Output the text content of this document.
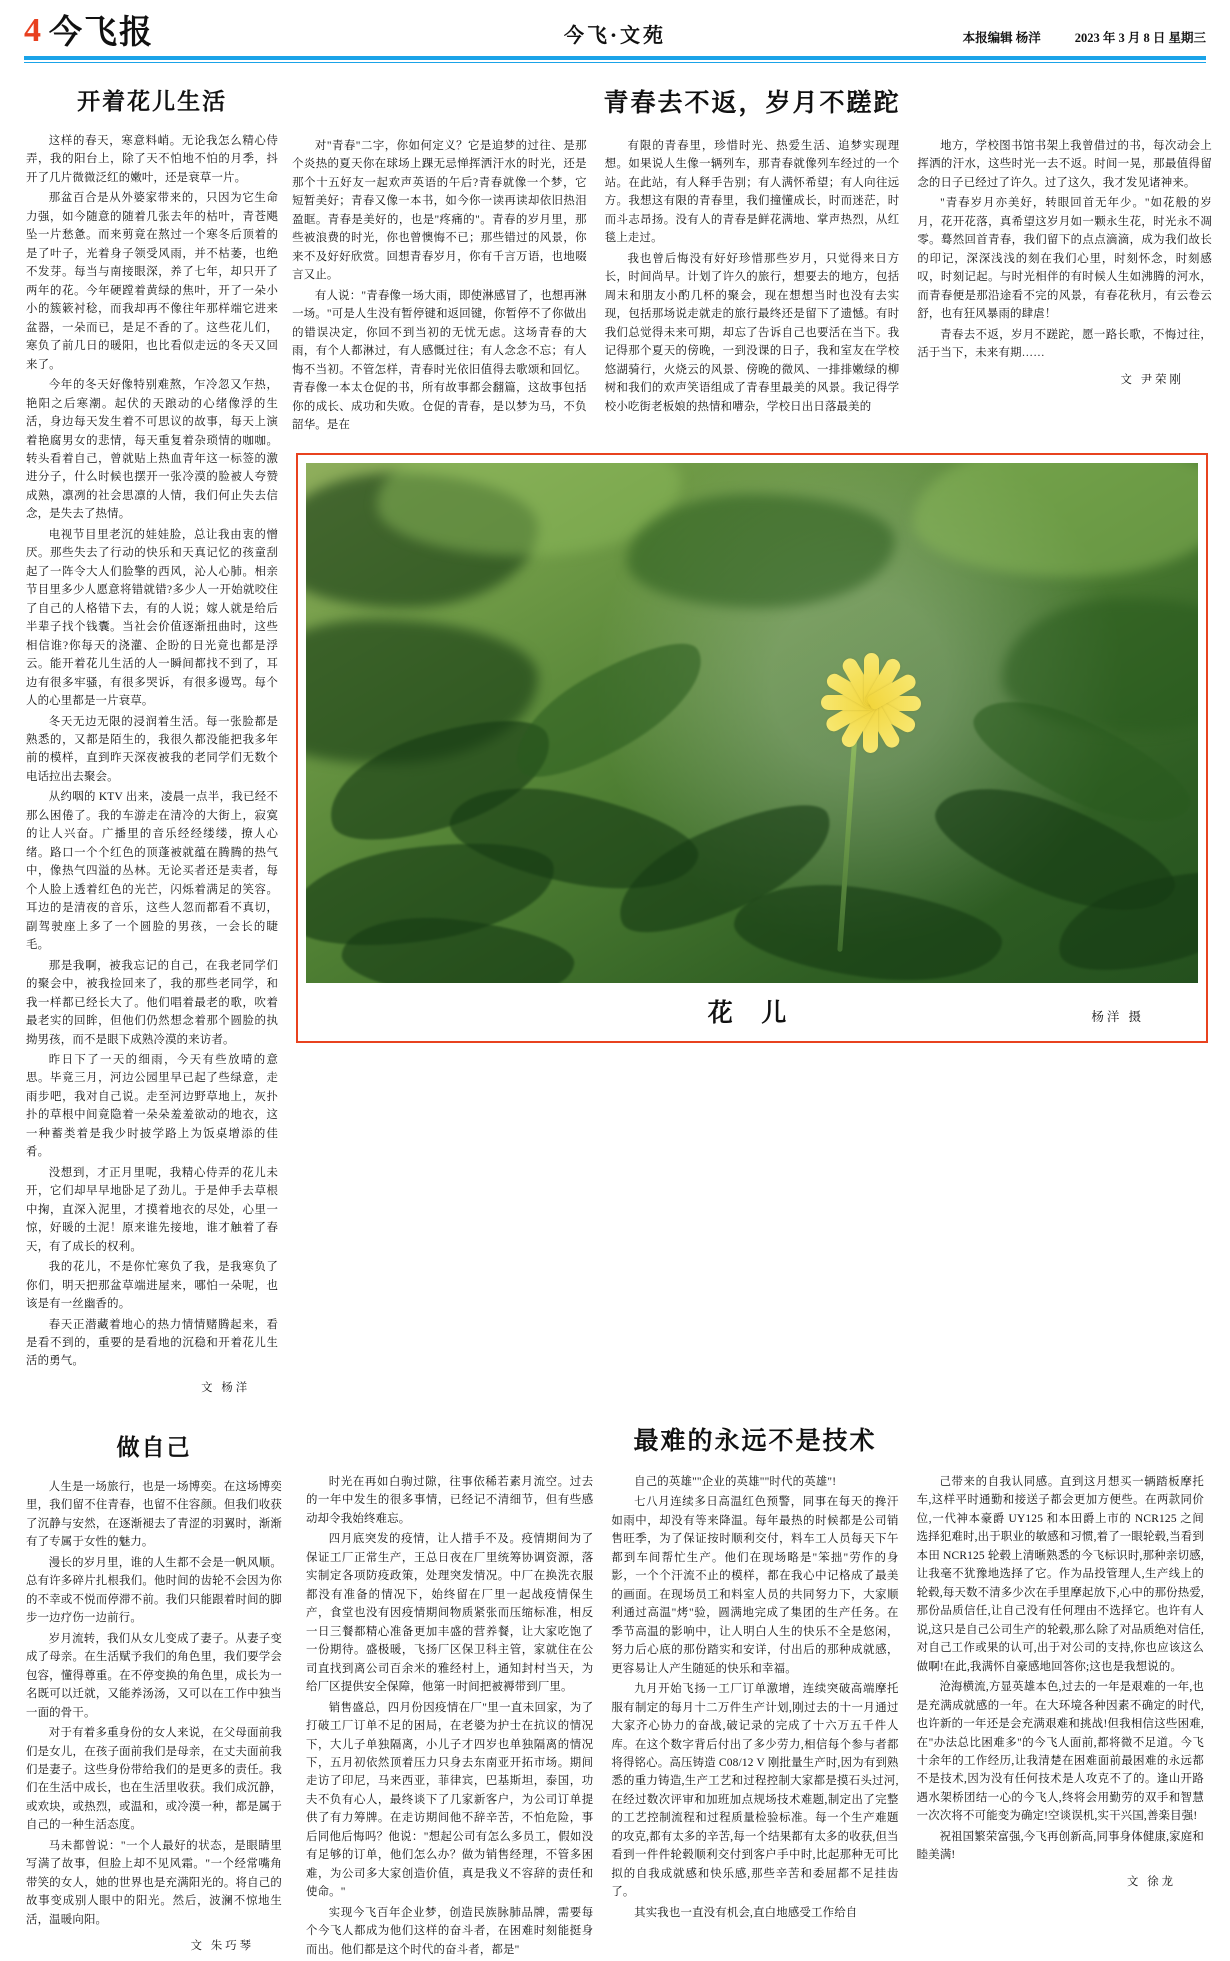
4 今飞报	今飞·文苑	本报编辑 杨洋	2023 年 3 月 8 日 星期三
开着花儿生活

这样的春天，寒意料峭。无论我怎么精心侍弄，我的阳台上，除了天不怕地不怕的月季，抖开了几片微微泛红的嫩叶，还是衰草一片。

那盆百合是从外婆家带来的，只因为它生命力强，如今随意的随着几张去年的枯叶，青苍飓坠一片愁惫。而来剪竟在熬过一个寒冬后顶着的是了叶子，光着身子领受风雨，并不枯萎，也绝不发芽。每当与南接眼深，养了七年，却只开了两年的花。今年硬蹚着黄绿的焦叶，开了一朵小小的簇簌衬稔，而我却再不像往年那样端它进来盆器，一朵而已，是足不香的了。这些花儿们，寒负了前几日的暖阳，也比看似走远的冬天又回来了。

今年的冬天好像特别难熬，乍冷忽又乍热，艳阳之后寒潮。起伏的天踉动的心绪像浮的生活，身边每天发生着不可思议的故事，每天上演着艳腐男女的悲情，每天重复着杂琐情的咖咖。转头看着自己，曾就贴上热血青年这一标签的激进分子，什么时候也摆开一张冷漠的脸被人夸赞成熟，凛冽的社会思凛的人情，我们何止失去信念，是失去了热情。

电视节目里老沉的娃娃脸，总让我由衷的憎厌。那些失去了行动的快乐和天真记忆的孩童刮起了一阵令大人们脸擎的西风，沁人心肺。相亲节目里多少人愿意将错就错?多少人一开始就咬住了自己的人格错下去，有的人说；嫁人就是给后半辈子找个钱囊。当社会价值逐渐扭曲时，这些相信谁?你每天的浇灌、企盼的日光竟也都是浮云。能开着花儿生活的人一瞬间都找不到了，耳边有很多牢骚，有很多哭诉，有很多谩骂。每个人的心里都是一片衰草。

冬天无边无限的浸润着生活。每一张脸都是熟悉的，又都是陌生的，我很久都没能把我多年前的模样，直到昨天深夜被我的老同学们无数个电话拉出去聚会。

从约咽的 KTV 出来，凌晨一点半，我已经不那么困倦了。我的车游走在清冷的大街上，寂寞的让人兴奋。广播里的音乐经经缕缕，撩人心绪。路口一个个红色的顶蓬被就蕴在腾腾的热气中，像热气四溢的丛林。无论买者还是卖者，每个人脸上透着红色的光芒，闪烁着满足的笑容。耳边的是清夜的音乐，这些人忽而都看不真切，副驾驶座上多了一个圆脸的男孩，一会长的睫毛。

那是我啊，被我忘记的自己，在我老同学们的聚会中，被我捡回来了，我的那些老同学，和我一样都已经长大了。他们唱着最老的歌，吹着最老实的回眸，但他们仍然想念着那个圆脸的执拗男孩，而不是眼下成熟冷漠的来访者。

昨日下了一天的细雨，今天有些放晴的意思。毕竟三月，河边公园里早已起了些绿意，走雨步吧，我对自己说。走至河边野草地上，灰扑扑的草根中间竟隐着一朵朵羞羞欲动的地衣，这一种蓄类着是我少时披学路上为饭桌增添的佳肴。

没想到，才正月里呢，我精心侍弄的花儿未开，它们却早早地卧足了劲儿。于是伸手去草根中掬，直深入泥里，才摸着地衣的尽处，心里一惊，好暖的土泥！原来谁先接地，谁才触着了春天，有了成长的权利。

我的花儿，不是你忙寒负了我，是我寒负了你们，明天把那盆草端进屋来，哪怕一朵呢，也该是有一丝幽香的。

春天正潜藏着地心的热力情情赌腾起来，看是看不到的，重要的是看地的沉稳和开着花儿生活的勇气。

文 杨洋
青春去不返，岁月不蹉跎

对"青春"二字，你如何定义？它是追梦的过往、是那个炎热的夏天你在球场上踝无忌惮挥洒汗水的时光，还是那个十五好友一起欢声英语的午后?青春就像一个梦，它短暂美好；青春又像一本书，如今你一读再读却依旧热泪盈眶。青春是美好的，也是"疼痛的"。青春的岁月里，那些被浪费的时光，你也曾懊悔不已；那些错过的风景，你来不及好好欣赏。回想青春岁月，你有千言万语，也地啜言又止。

有人说："青春像一场大雨，即使淋感冒了，也想再淋一场。"可是人生没有暂停键和返回键，你暂停不了你做出的错误决定，你回不到当初的无忧无虑。这场青春的大雨，有个人都淋过，有人感慨过往；有人念念不忘；有人悔不当初。不管怎样，青春时光依旧值得去歌颂和回忆。青春像一本太仓促的书，所有故事都会翻篇，这故事包括你的成长、成功和失败。仓促的青春，是以梦为马，不负韶华。是在

有限的青春里，珍惜时光、热爱生活、追梦实现理想。如果说人生像一辆列车，那青春就像列车经过的一个站。在此站，有人释手告别；有人满怀希望；有人向往远方。我想这有限的青春里，我们撞懂成长，时而迷茫，时而斗志昂扬。没有人的青春是鲜花满地、掌声热烈，从红毯上走过。

我也曾后悔没有好好珍惜那些岁月，只觉得来日方长，时间尚早。计划了许久的旅行，想要去的地方，包括周末和朋友小酌几杯的聚会，现在想想当时也没有去实现，包括那场说走就走的旅行最终还是留下了遗憾。有时我们总觉得未来可期，却忘了告诉自己也要活在当下。我记得那个夏天的傍晚，一到没课的日子，我和室友在学校悠湖骑行，火烧云的风景、傍晚的微风、一排排嫩绿的柳树和我们的欢声笑语组成了青春里最美的风景。我记得学校小吃街老板娘的热情和嘈杂，学校日出日落最美的

地方，学校图书馆书架上我曾借过的书，每次动会上挥洒的汗水，这些时光一去不返。时间一晃，那最值得留念的日子已经过了许久。过了这久，我才发见诸神来。

"青春岁月亦美好，转眼回首无年少。"如花般的岁月，花开花落，真希望这岁月如一颗永生花，时光永不凋零。蓦然回首青春，我们留下的点点滴滴，成为我们故长的印记，深深浅浅的刻在我们心里，时刻怀念，时刻感叹，时刻记起。与时光相伴的有时候人生如沸腾的河水，而青春便是那沿途看不完的风景，有春花秋月，有云卷云舒，也有狂风暴雨的肆虐！

青春去不返，岁月不蹉跎，愿一路长歌，不悔过往，活于当下，未来有期……

文 尹荣刚
花 儿	杨洋 摄
做自己

人生是一场旅行，也是一场博奕。在这场博奕里，我们留不住青春，也留不住容颜。但我们收获了沉静与安然，在逐渐褪去了青涩的羽翼时，渐渐有了专属于女性的魅力。

漫长的岁月里，谁的人生都不会是一帆风顺。总有许多碎片扎根我们。他时间的齿轮不会因为你的不幸或不悦而停滞不前。我们只能跟着时间的脚步一边疗伤一边前行。

岁月流转，我们从女儿变成了妻子。从妻子变成了母亲。在生活赋予我们的角色里，我们要学会包容，懂得尊重。在不停变换的角色里，成长为一名既可以迁就，又能养汤汤，又可以在工作中独当一面的骨干。

对于有着多重身份的女人来说，在父母面前我们是女儿，在孩子面前我们是母亲，在丈夫面前我们是妻子。这些身份带给我们的是更多的责任。我们在生活中成长，也在生活里收获。我们成沉静，或欢块，或热烈，或温和，或冷漠一种，都是属于自己的一种生活态度。

马未都曾说："一个人最好的状态，是眼睛里写满了故事，但脸上却不见风霜。"一个经常嘴角带笑的女人，她的世界也是充满阳光的。将自己的故事变成别人眼中的阳光。然后，波澜不惊地生活，温暖向阳。

文 朱巧琴
最难的永远不是技术

时光在再如白驹过隙，往事依稀若素月流空。过去的一年中发生的很多事情，已经记不清细节，但有些感动却令我始终难忘。

四月底突发的疫情，让人措手不及。疫情期间为了保证工厂正常生产，王总日夜在厂里统筹协调资源，落实制定各项防疫政策，处理突发情况。中厂在换洗衣服都没有准备的情况下，始终留在厂里一起战疫情保生产，食堂也没有因疫情期间物质紧张而压缩标准，相反一日三餐都精心准备更加丰盛的营养餐，让大家吃饱了一份期待。盛极暖，飞扬厂区保卫科主管，家就住在公司直找到离公司百余米的雅经村上，通知封村当天，为给厂区提供安全保障，他第一时间把被褥带到厂里。

销售盛总，四月份因疫情在厂"里一直未回家，为了打破工厂订单不足的困局，在老婆为护士在抗议的情况下，大儿子单独隔离，小儿子才四岁也单独隔离的情况下，五月初依然顶着压力只身去东南亚开拓市场。期间走访了印尼，马来西亚，菲律宾，巴基斯坦，泰国，功夫不负有心人，最终谈下了几家新客户，为公司订单提供了有力筹牌。在走访期间他不辞辛苦，不怕危险，事后同他后悔吗？他说："想起公司有怎么多员工，假如没有足够的订单，他们怎么办？做为销售经理，不管多困难，为公司多大家创造价值，真是我义不容辞的责任和使命。"

实现今飞百年企业梦，创造民族脉肺品牌，需要每个今飞人都成为他们这样的奋斗者，在困难时刻能挺身而出。他们都是这个时代的奋斗者，都是"

自己的英雄""企业的英雄""时代的英雄"!

七八月连续多日高温红色预警，同事在每天的搀汗如雨中，却没有等来降温。每年最热的时候都是公司销售旺季，为了保证按时顺利交付，料车工人员每天下午都到车间帮忙生产。他们在现场略是"笨拙"劳作的身影，一个个汗流不止的模样，都在我心中记格成了最美的画面。在现场员工和料室人员的共同努力下，大家顺利通过高温"烤"验，圆满地完成了集团的生产任务。在季节高温的影响中，让人明白人生的快乐不全是悠闲，努力后心底的那份踏实和安详，付出后的那种成就感，更容易让人产生随延的快乐和幸福。

九月开始飞扬一工厂订单激增，连续突破高端摩托服有制定的每月十二万件生产计划,刚过去的十一月通过大家齐心协力的奋战,破记录的完成了十六万五千件人库。在这个数字背后付出了多少劳力,相信每个参与者都将得铭心。高压铸造 C08/12 V 刚批量生产时,因为有到熟悉的重力铸造,生产工艺和过程控制大家都是摸石头过河,在经过数次评审和加班加点规场技术难题,制定出了完整的工艺控制流程和过程质量检验标准。每一个生产难题的攻克,都有太多的辛苦,每一个结果都有太多的收获,但当看到一件件轮毂顺利交付到客户手中时,比起那种无可比拟的自我成就感和快乐感,那些辛苦和委屈都不足挂齿了。

其实我也一直没有机会,直白地感受工作给自

己带来的自我认同感。直到这月想买一辆踏板摩托车,这样平时通勤和接送子都会更加方便些。在两款同价位,一代神本豪爵 UY125 和本田爵上市的 NCR125 之间选择犯难时,出于职业的敏感和习惯,着了一眼轮毂,当看到本田 NCR125 轮毂上清晰熟悉的今飞标识时,那种亲切感,让我毫不犹豫地选择了它。作为品投管理人,生产线上的轮毂,每天数不清多少次在手里摩起放下,心中的那份热爱,那份品质信任,让自己没有任何理由不选择它。也许有人说,这只是自己公司生产的轮毂,那么除了对品质绝对信任,对自己工作或果的认可,出于对公司的支持,你也应该这么做啊!在此,我满怀自豪感地回答你;这也是我想说的。

沧海横流,方显英雄本色,过去的一年是艰难的一年,也是充满成就感的一年。在大环境各种因素不确定的时代,也许新的一年还是会充满艰难和挑战!但我相信这些困难,在"办法总比困难多"的今飞人面前,都将微不足道。今飞十余年的工作经历,让我清楚在困难面前最困难的永远都不是技术,因为没有任何技术是人攻克不了的。逢山开路遇水架桥团结一心的今飞人,终将会用勤劳的双手和智慧一次次将不可能变为确定!空谈误机,实干兴国,善楽目强!

祝祖国繁荣富强,今飞再创新高,同事身体健康,家庭和睦美满!

文 徐龙
